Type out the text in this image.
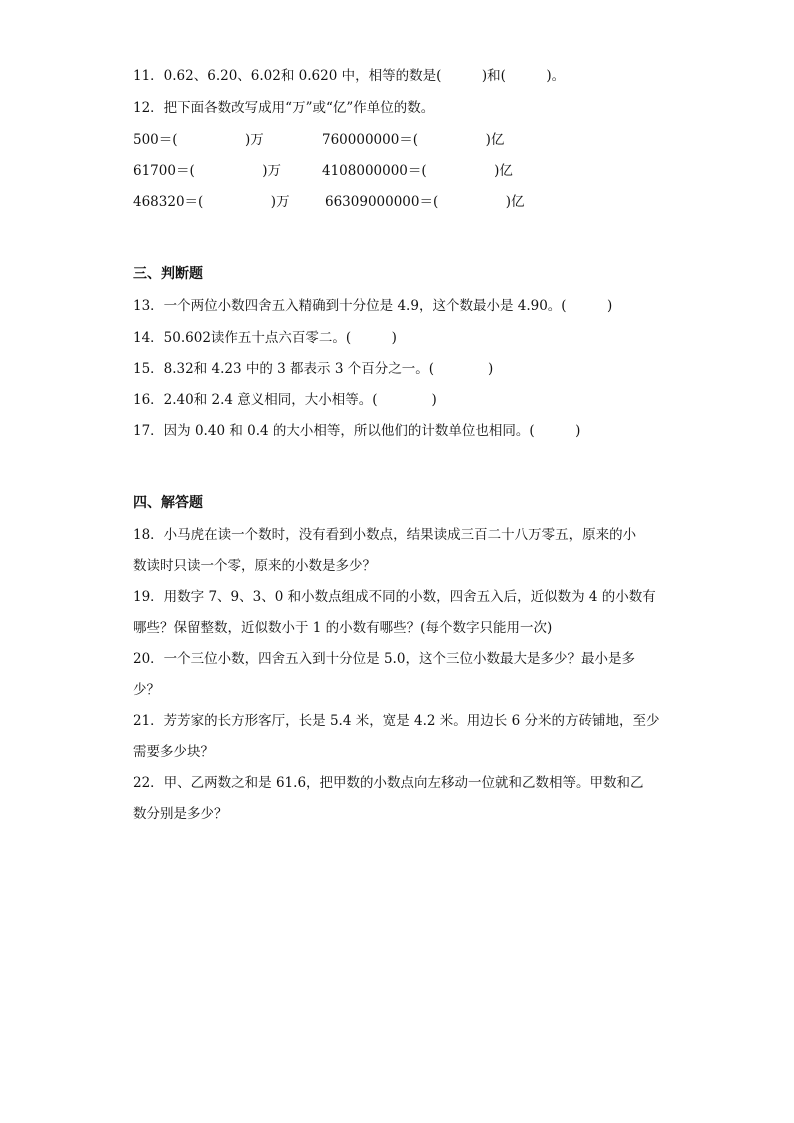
11．0.62、6.20、6.02和 0.620 中，相等的数是(　　　)和(　　　)。
12．把下面各数改写成用“万”或“亿”作单位的数。
500＝(　　　　　)万	760000000＝(　　　　　)亿
61700＝(　　　　　)万	4108000000＝(　　　　　)亿
468320＝(　　　　　)万	66309000000＝(　　　　　)亿
三、判断题
13．一个两位小数四舍五入精确到十分位是 4.9，这个数最小是 4.90。(　　　)
14．50.602读作五十点六百零二。(　　　)
15．8.32和 4.23 中的 3 都表示 3 个百分之一。(　　　　)
16．2.40和 2.4 意义相同，大小相等。(　　　　)
17．因为 0.40 和 0.4 的大小相等，所以他们的计数单位也相同。(　　　)
四、解答题
18．小马虎在读一个数时，没有看到小数点，结果读成三百二十八万零五，原来的小
数读时只读一个零，原来的小数是多少？
19．用数字 7、9、3、0 和小数点组成不同的小数，四舍五入后，近似数为 4 的小数有
哪些？保留整数，近似数小于 1 的小数有哪些？(每个数字只能用一次)
20．一个三位小数，四舍五入到十分位是 5.0，这个三位小数最大是多少？最小是多
少？
21．芳芳家的长方形客厅，长是 5.4 米，宽是 4.2 米。用边长 6 分米的方砖铺地，至少
需要多少块？
22．甲、乙两数之和是 61.6，把甲数的小数点向左移动一位就和乙数相等。甲数和乙
数分别是多少？
